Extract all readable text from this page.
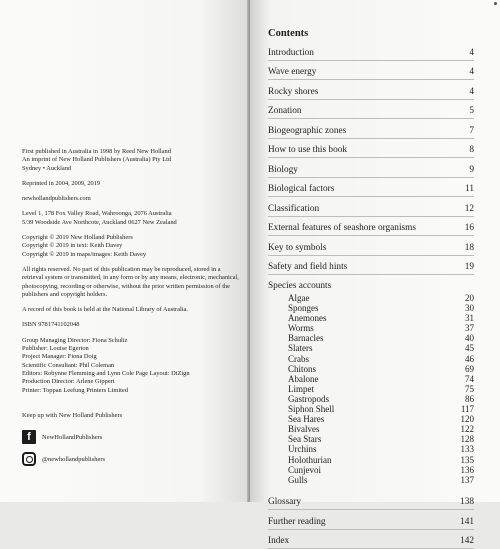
First published in Australia in 1998 by Reed New Holland

An imprint of New Holland Publishers (Australia) Pty Ltd

Sydney • Auckland

Reprinted in 2004, 2009, 2019

newhollandpublishers.com

Level 1, 178 Fox Valley Road, Wahroonga, 2076 Australia

5/39 Woodside Ave Northcote, Auckland 0627 New Zealand

Copyright © 2019 New Holland Publishers

Copyright © 2019 in text: Keith Davey

Copyright © 2019 in maps/images: Keith Davey

All rights reserved. No part of this publication may be reproduced, stored in a retrieval system or transmitted, in any form or by any means, electronic, mechanical, photocopying, recording or otherwise, without the prior written permission of the publishers and copyright holders.

A record of this book is held at the National Library of Australia.

ISBN 9781741102048

Group Managing Director: Fiona Schultz

Publisher: Louise Egerton

Project Manager: Fiona Doig

Scientific Consultant: Phil Coleman

Editors: Robynne Flemming and Lynn Cole Page Layout: DiZign

Production Director: Arlene Gippert

Printer: Toppan Leefung Printers Limited

Keep up with New Holland Publishers
f	NewHollandPublishers
@newhollandpublishers
Contents
Introduction	4
Wave energy	4
Rocky shores	4
Zonation	5
Biogeographic zones	7
How to use this book	8
Biology	9
Biological factors	11
Classification	12
External features of seashore organisms	16
Key to symbols	18
Safety and field hints	19
Species accounts
Algae	20
Sponges	30
Anemones	31
Worms	37
Barnacles	40
Slaters	45
Crabs	46
Chitons	69
Abalone	74
Limpet	75
Gastropods	86
Siphon Shell	117
Sea Hares	120
Bivalves	122
Sea Stars	128
Urchins	133
Holothurian	135
Cunjevoi	136
Gulls	137
Glossary	138
Further reading	141
Index	142
